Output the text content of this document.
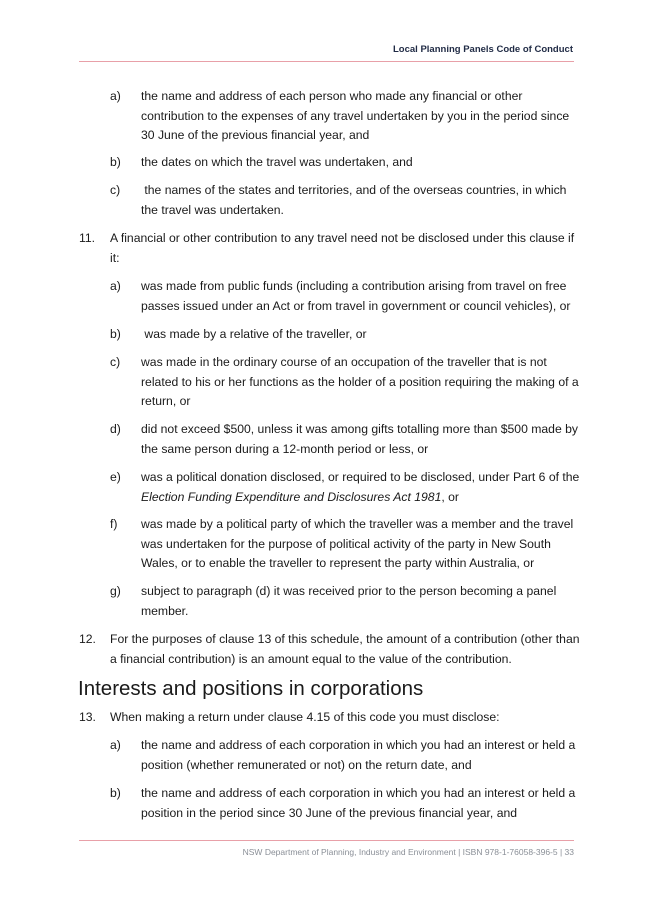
Local Planning Panels Code of Conduct
a) the name and address of each person who made any financial or other contribution to the expenses of any travel undertaken by you in the period since 30 June of the previous financial year, and
b) the dates on which the travel was undertaken, and
c) the names of the states and territories, and of the overseas countries, in which the travel was undertaken.
11. A financial or other contribution to any travel need not be disclosed under this clause if it:
a) was made from public funds (including a contribution arising from travel on free passes issued under an Act or from travel in government or council vehicles), or
b) was made by a relative of the traveller, or
c) was made in the ordinary course of an occupation of the traveller that is not related to his or her functions as the holder of a position requiring the making of a return, or
d) did not exceed $500, unless it was among gifts totalling more than $500 made by the same person during a 12-month period or less, or
e) was a political donation disclosed, or required to be disclosed, under Part 6 of the Election Funding Expenditure and Disclosures Act 1981, or
f) was made by a political party of which the traveller was a member and the travel was undertaken for the purpose of political activity of the party in New South Wales, or to enable the traveller to represent the party within Australia, or
g) subject to paragraph (d) it was received prior to the person becoming a panel member.
12. For the purposes of clause 13 of this schedule, the amount of a contribution (other than a financial contribution) is an amount equal to the value of the contribution.
Interests and positions in corporations
13. When making a return under clause 4.15 of this code you must disclose:
a) the name and address of each corporation in which you had an interest or held a position (whether remunerated or not) on the return date, and
b) the name and address of each corporation in which you had an interest or held a position in the period since 30 June of the previous financial year, and
NSW Department of Planning, Industry and Environment | ISBN 978-1-76058-396-5 | 33
